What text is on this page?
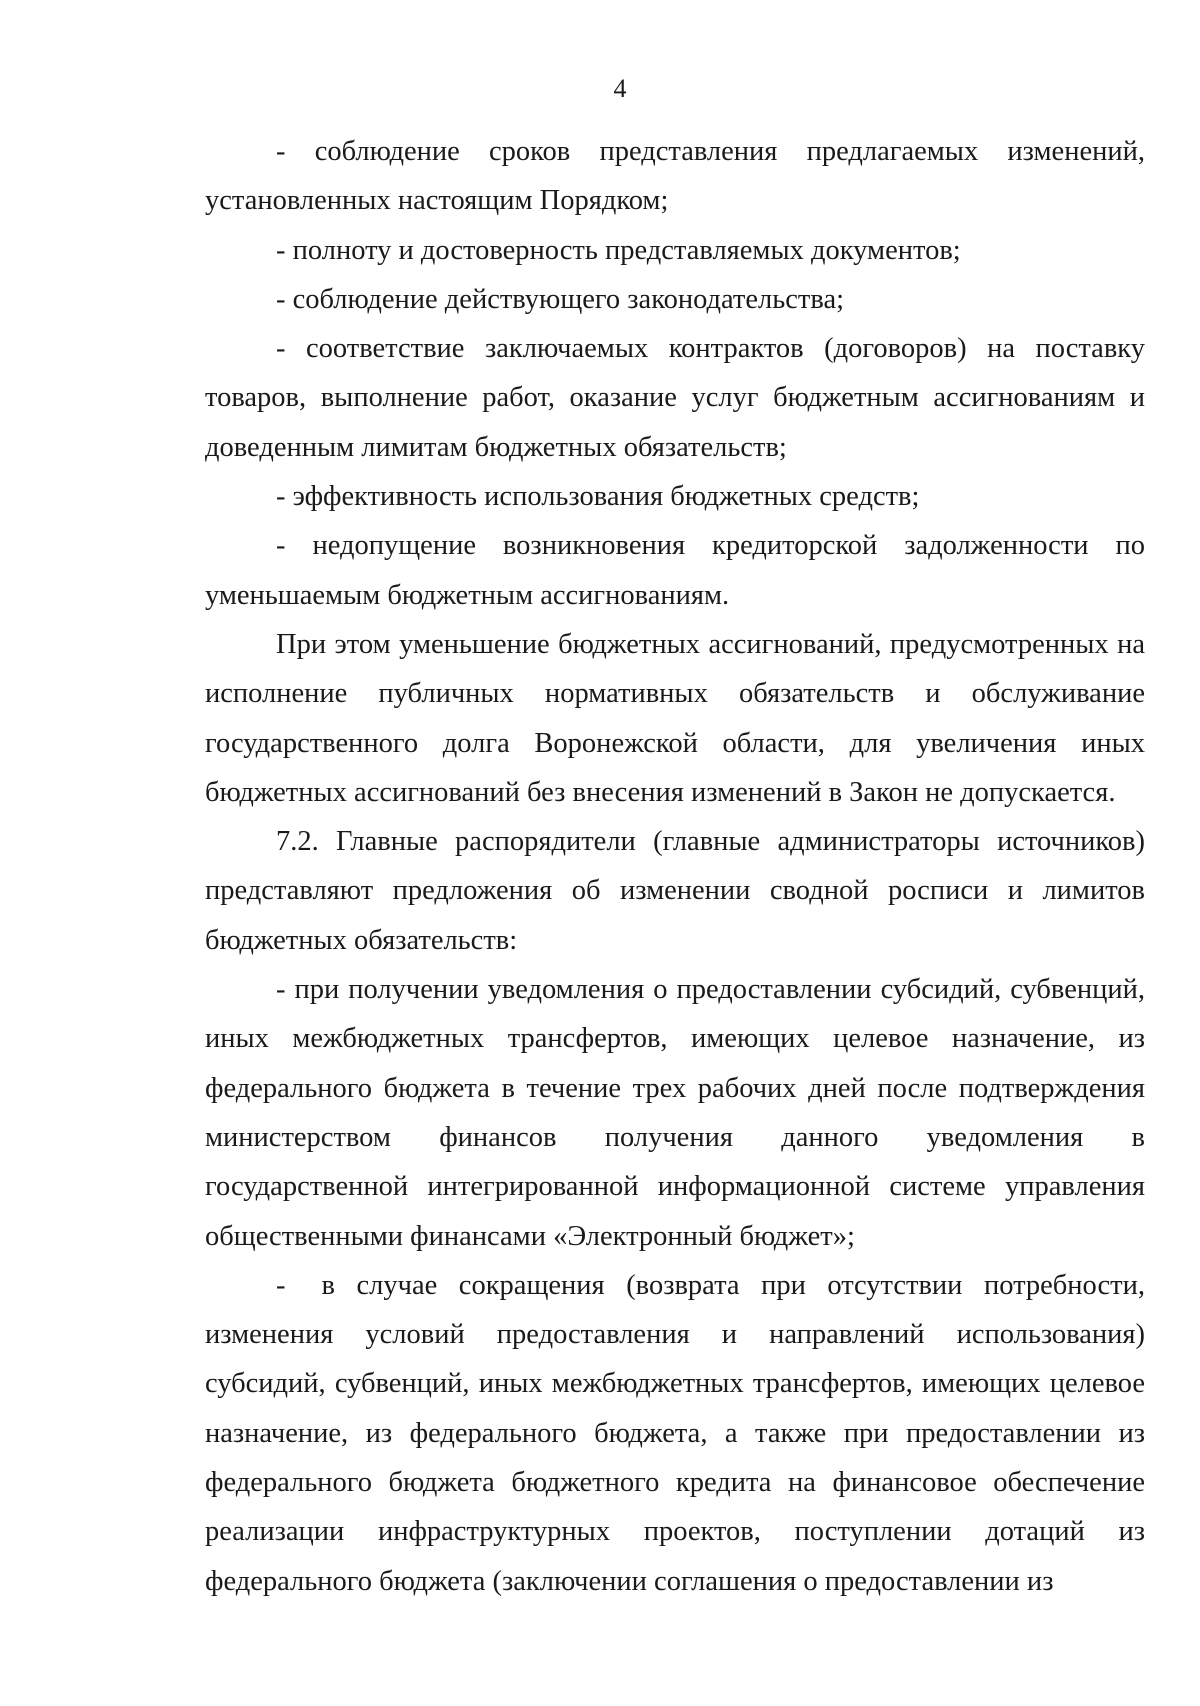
4

- соблюдение сроков представления предлагаемых изменений, установленных настоящим Порядком;

- полноту и достоверность представляемых документов;

- соблюдение действующего законодательства;

- соответствие заключаемых контрактов (договоров) на поставку товаров, выполнение работ, оказание услуг бюджетным ассигнованиям и доведенным лимитам бюджетных обязательств;

- эффективность использования бюджетных средств;

- недопущение возникновения кредиторской задолженности по уменьшаемым бюджетным ассигнованиям.

При этом уменьшение бюджетных ассигнований, предусмотренных на исполнение публичных нормативных обязательств и обслуживание государственного долга Воронежской области, для увеличения иных бюджетных ассигнований без внесения изменений в Закон не допускается.

7.2. Главные распорядители (главные администраторы источников) представляют предложения об изменении сводной росписи и лимитов бюджетных обязательств:

- при получении уведомления о предоставлении субсидий, субвенций, иных межбюджетных трансфертов, имеющих целевое назначение, из федерального бюджета в течение трех рабочих дней после подтверждения министерством финансов получения данного уведомления в государственной интегрированной информационной системе управления общественными финансами «Электронный бюджет»;

- в случае сокращения (возврата при отсутствии потребности, изменения условий предоставления и направлений использования) субсидий, субвенций, иных межбюджетных трансфертов, имеющих целевое назначение, из федерального бюджета, а также при предоставлении из федерального бюджета бюджетного кредита на финансовое обеспечение реализации инфраструктурных проектов, поступлении дотаций из федерального бюджета (заключении соглашения о предоставлении из
